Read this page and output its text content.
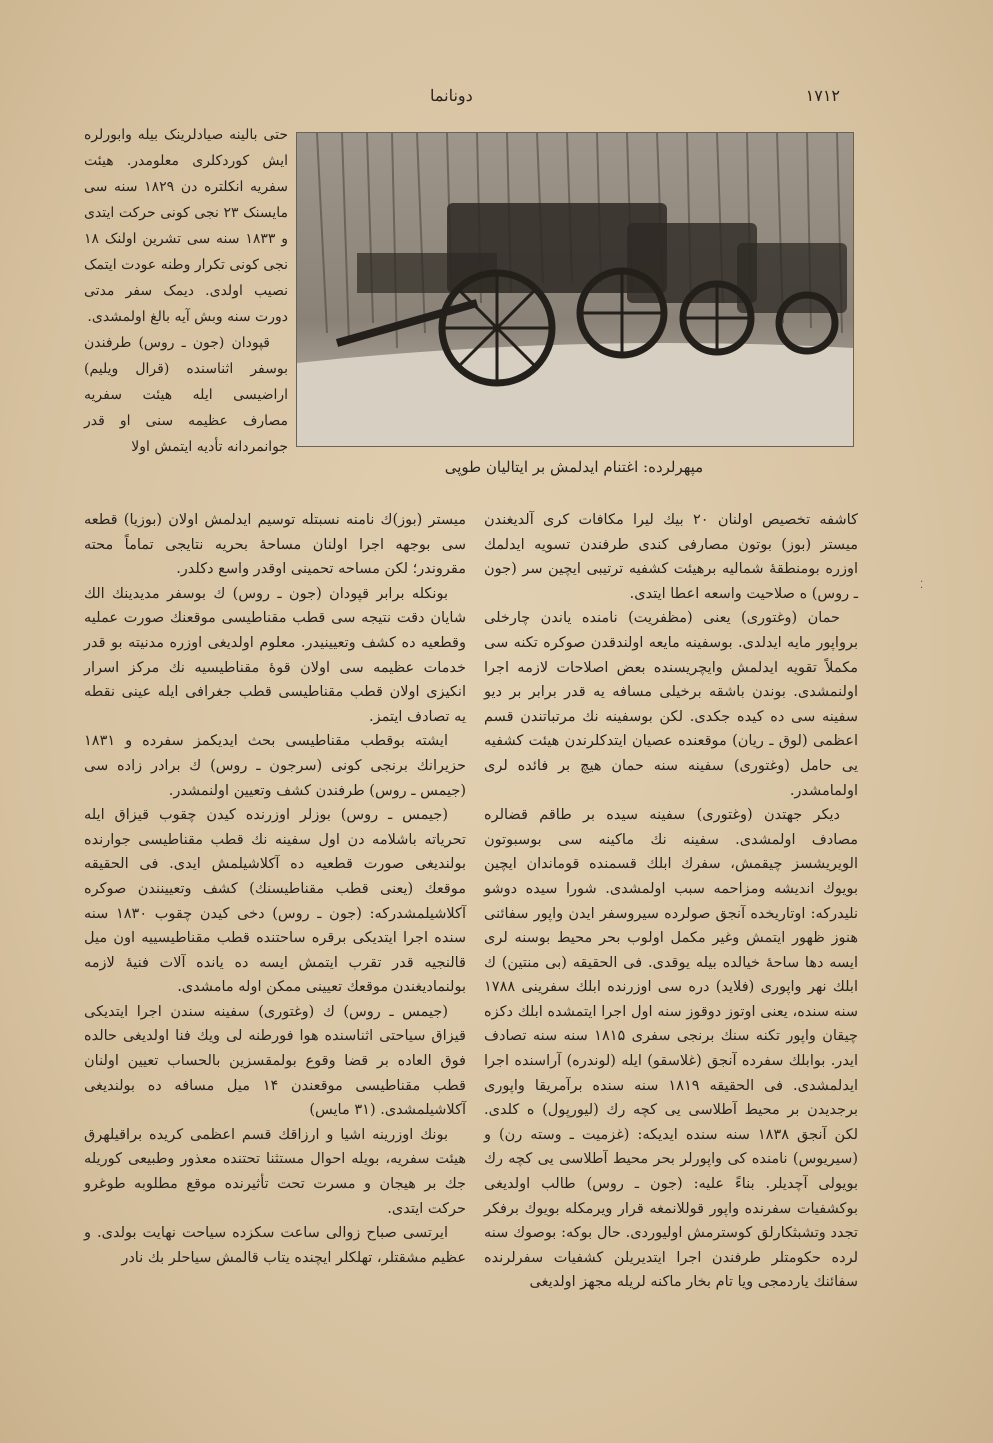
۱۷۱۲
دونانما

حتی بالینه صیادلرینک بیله وابورلره ایش کوردکلری معلومدر. هیئت سفریه انکلتره دن ۱۸۲۹ سنه سی مایسنک ۲۳ نجی کونی حرکت ایتدی و ۱۸۳۳ سنه سی تشرین اولنک ۱۸ نجی کونی تکرار وطنه عودت ایتمک نصیب اولدی. دیمک سفر مدتی دورت سنه وبش آیه بالغ اولمشدی.

قپودان (جون ـ روس) طرفندن بوسفر اثناسنده (قرال ویلیم) اراضیسی ایله هیئت سفریه مصارف عظیمه سنی او قدر جوانمردانه تأدیه ایتمش اولا

مپهرلرده: اغتنام ایدلمش بر ایتالیان طوپی

کاشفه تخصیص اولنان ۲۰ بیك لیرا مکافات کری آلدیغندن میستر (بوز) بوتون مصارفی کندی طرفندن تسویه ایدلمك اوزره بومنطقهٔ شمالیه برهیئت کشفیه ترتیبی ایچین سر (جون ـ روس) ه صلاحیت واسعه اعطا ایتدی.

حمان (وغتوری) یعنی (مظفریت) نامنده یاندن چارخلی برواپور مایه ایدلدی. بوسفینه مایعه اولندقدن صوکره تکنه سی مکملاً تقویه ایدلمش وایچریسنده بعض اصلاحات لازمه اجرا اولنمشدی. بوندن باشقه برخیلی مسافه یه قدر برابر بر دیو سفینه سی ده کیده جکدی. لکن بوسفینه نك مرتباتندن قسم اعظمی (لوق ـ ریان) موقعنده عصیان ایتدکلرندن هیئت کشفیه یی حامل (وغتوری) سفینه سنه حمان هیچ بر فائده لری اولمامشدر.

دیکر جهتدن (وغتوری) سفینه سیده بر طاقم قضالره مصادف اولمشدی. سفینه نك ماکینه سی بوسبوتون الویریشسز چیقمش، سفرك ابلك قسمنده قوماندان ایچین بویوك اندیشه ومزاحمه سبب اولمشدی. شورا سیده دوشو نلیدرکه: اوتاریخده آنجق صولرده سیروسفر ایدن واپور سفائنی هنوز ظهور ایتمش وغیر مکمل اولوب بحر محیط بوسنه لری ایسه دها ساحهٔ خیالده بیله یوقدی. فی الحقیقه (بی منتین) ك ابلك نهر واپوری (فلاید) دره سی اوزرنده ابلك سفرینی ۱۷۸۸ سنه سنده، یعنی اوتوز دوقوز سنه اول اجرا ایتمشده ابلك دکزه چیقان واپور تکنه سنك برنجی سفری ۱۸۱۵ سنه سنه تصادف ایدر. بوابلك سفرده آنجق (غلاسقو) ایله (لوندره) آراسنده اجرا ایدلمشدی. فی الحقیقه ۱۸۱۹ سنه سنده برآمریقا واپوری برجدیدن بر محیط آطلاسی یی کچه رك (لیورپول) ه کلدی. لکن آنجق ۱۸۳۸ سنه سنده ایدیکه: (غزمیت ـ وسته رن) و (سیریوس) نامنده کی واپورلر بحر محیط آطلاسی یی کچه رك بویولی آچدیلر. بناءً علیه: (جون ـ روس) طالب اولدیغی بوکشفیات سفرنده واپور قوللانمغه قرار ویرمکله بویوك برفکر تجدد وتشبثكارلق کوسترمش اولیوردی. حال بوکه: بوصوك سنه لرده حکومتلر طرفندن اجرا ایتدیریلن کشفیات سفرلرنده سفائنك یاردمجی ویا تام بخار ماکنه لریله مجهز اولدیغی

میستر (بوز)ك نامنه نسبتله توسیم ایدلمش اولان (بوزیا) قطعه سی بوجهه اجرا اولنان مساحهٔ بحریه نتایجی تماماً محته مقروندر؛ لکن مساحه تحمینی اوقدر واسع دکلدر.

بونکله برابر قپودان (جون ـ روس) ك بوسفر مدیدینك الك شایان دقت نتیجه سی قطب مقناطیسی موقعنك صورت عملیه وقطعیه ده کشف وتعیینیدر. معلوم اولدیغی اوزره مدنیته بو قدر خدمات عظیمه سی اولان قوهٔ مقناطیسیه نك مرکز اسرار انکیزی اولان قطب مقناطیسی قطب جغرافی ایله عینی نقطه یه تصادف ایتمز.

ایشته بوقطب مقناطیسی بحث ایدیکمز سفرده و ۱۸۳۱ حزیرانك برنجی کونی (سرجون ـ روس) ك برادر زاده سی (جیمس ـ روس) طرفندن کشف وتعیین اولنمشدر.

(جیمس ـ روس) بوزلر اوزرنده کیدن چقوب قیزاق ایله تحریاته باشلامه دن اول سفینه نك قطب مقناطیسی جوارنده بولندیغی صورت قطعیه ده آکلاشیلمش ایدی. فی الحقیقه موقعك (یعنی قطب مقناطیسنك) کشف وتعیینندن صوکره آکلاشیلمشدرکه: (جون ـ روس) دخی کیدن چقوب ۱۸۳۰ سنه سنده اجرا ایتدیکی برقره ساحتنده قطب مقناطیسییه اون میل قالنجیه قدر تقرب ایتمش ایسه ده یانده آلات فنیهٔ لازمه بولنمادیغندن موقعك تعیینی ممکن اوله مامشدی.

(جیمس ـ روس) ك (وغتوری) سفینه سندن اجرا ایتدیکی قیزاق سیاحتی اثناسنده هوا فورطنه لی ویك فنا اولدیغی حالده فوق العاده بر قضا وقوع بولمقسزین بالحساب تعیین اولنان قطب مقناطیسی موقعندن ۱۴ میل مسافه ده بولندیغی آکلاشیلمشدی. (۳۱ مایس)

بونك اوزرینه اشیا و ارزاقك قسم اعظمی کریده براقیلهرق هیئت سفریه، بویله احوال مستثنا تحتنده معذور وطبیعی کوریله جك بر هیجان و مسرت تحت تأثیرنده موقع مطلوبه طوغرو حرکت ایتدی.

ایرتسی صباح زوالی ساعت سکزده سیاحت نهایت بولدی. و عظیم مشقتلر، تهلکلر ایچنده یتاب قالمش سیاحلر بك نادر

⁚
